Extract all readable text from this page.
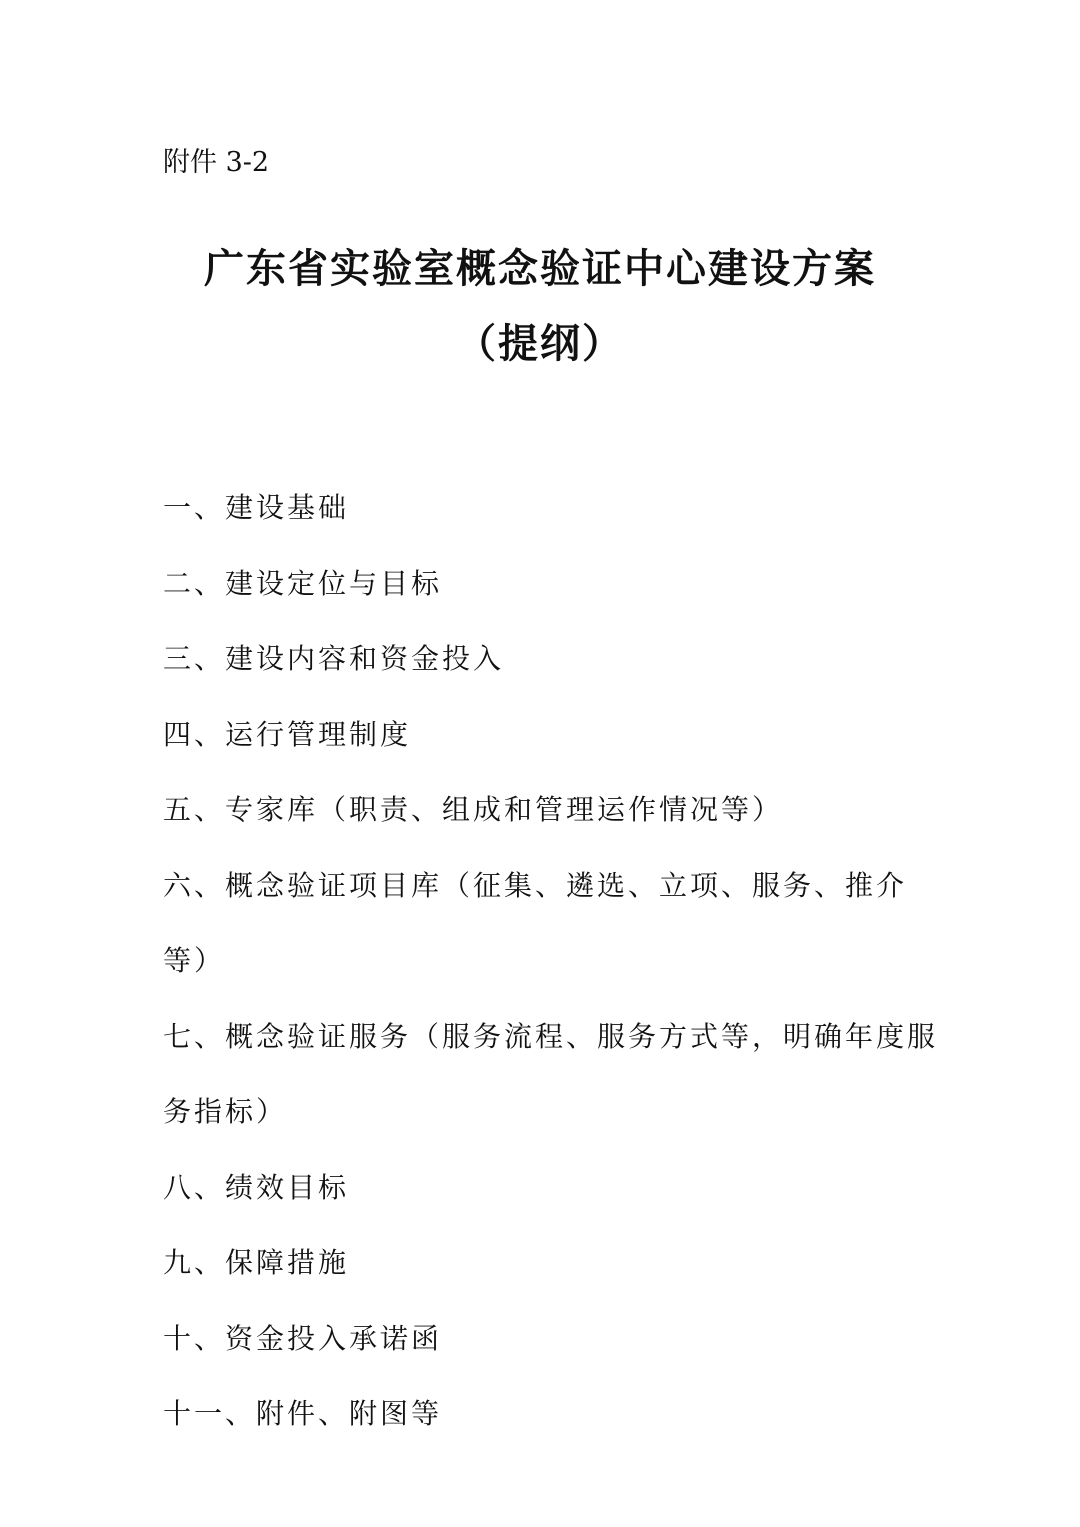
附件 3-2
广东省实验室概念验证中心建设方案
（提纲）
一、建设基础
二、建设定位与目标
三、建设内容和资金投入
四、运行管理制度
五、专家库（职责、组成和管理运作情况等）
六、概念验证项目库（征集、遴选、立项、服务、推介等）
七、概念验证服务（服务流程、服务方式等，明确年度服务指标）
八、绩效目标
九、保障措施
十、资金投入承诺函
十一、附件、附图等
